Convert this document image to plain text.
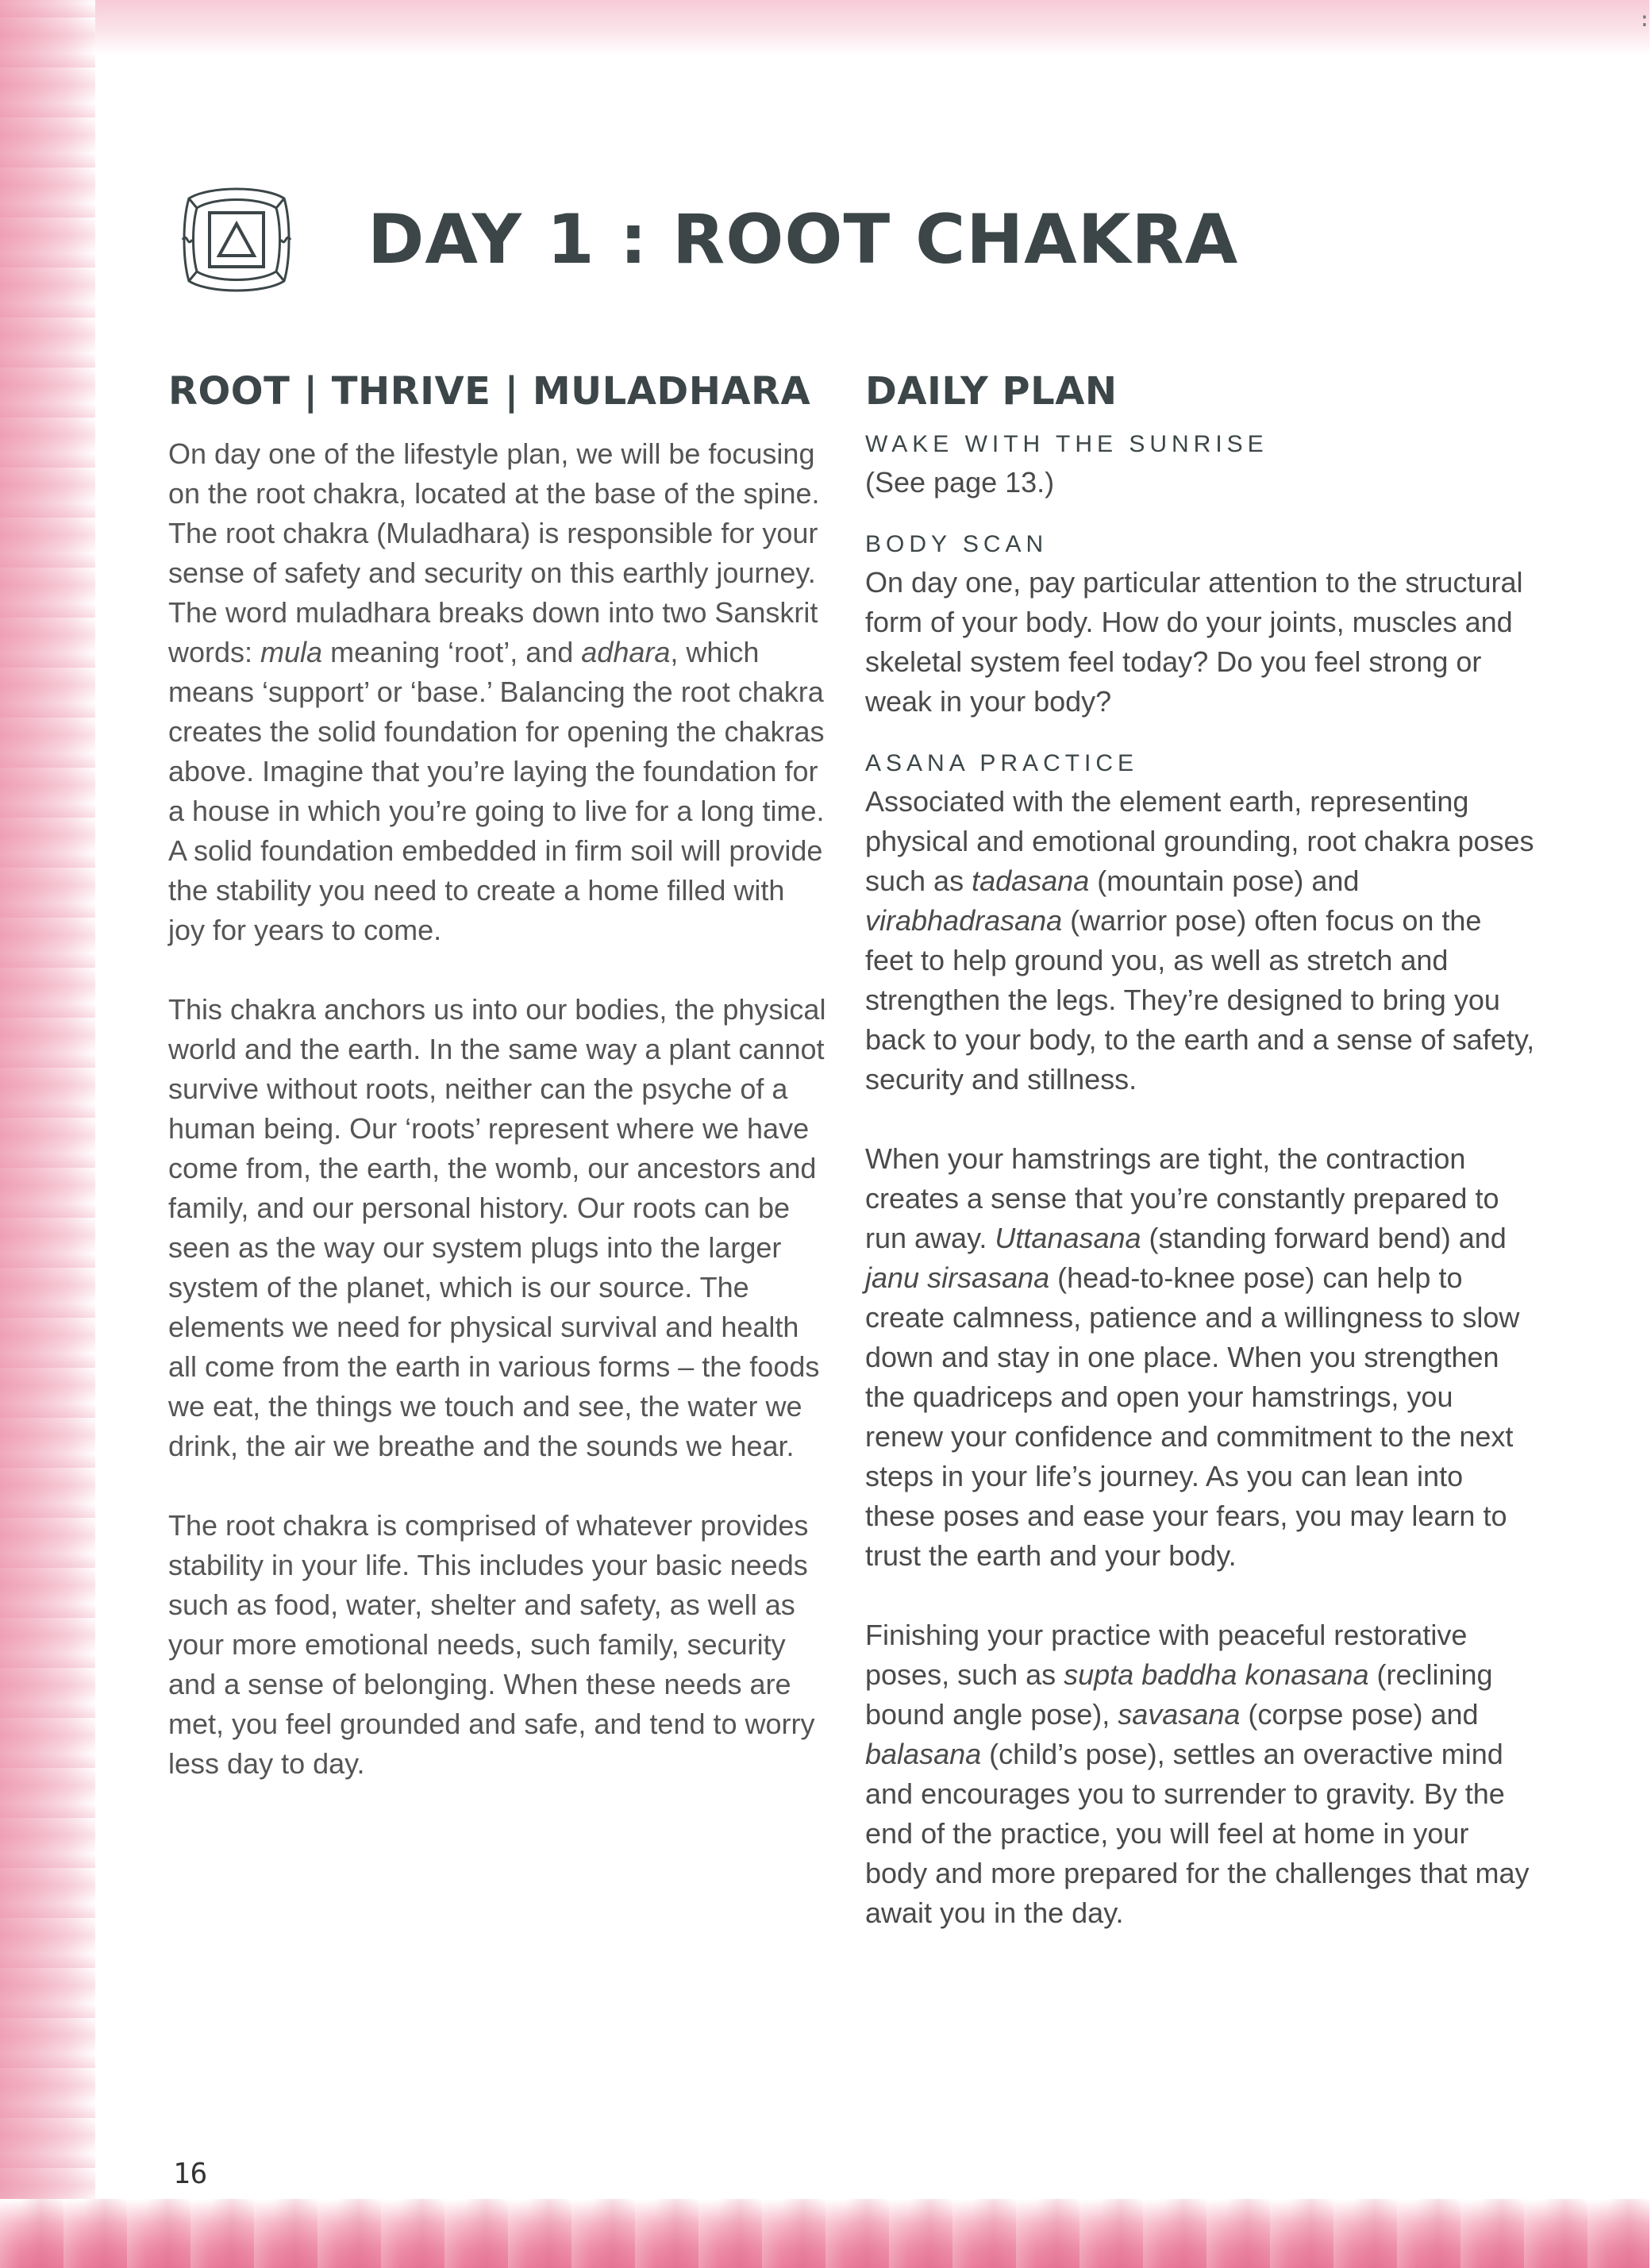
:
DAY 1 : ROOT CHAKRA
ROOT | THRIVE | MULADHARA

On day one of the lifestyle plan, we will be focusing on the root chakra, located at the base of the spine. The root chakra (Muladhara) is responsible for your sense of safety and security on this earthly journey. The word muladhara breaks down into two Sanskrit words: mula meaning ‘root’, and adhara, which means ‘support’ or ‘base.’ Balancing the root chakra creates the solid foundation for opening the chakras above. Imagine that you’re laying the foundation for a house in which you’re going to live for a long time. A solid foundation embedded in firm soil will provide the stability you need to create a home filled with joy for years to come.

This chakra anchors us into our bodies, the physical world and the earth. In the same way a plant cannot survive without roots, neither can the psyche of a human being. Our ‘roots’ represent where we have come from, the earth, the womb, our ancestors and family, and our personal history. Our roots can be seen as the way our system plugs into the larger system of the planet, which is our source. The elements we need for physical survival and health all come from the earth in various forms – the foods we eat, the things we touch and see, the water we drink, the air we breathe and the sounds we hear.

The root chakra is comprised of whatever provides stability in your life. This includes your basic needs such as food, water, shelter and safety, as well as your more emotional needs, such family, security and a sense of belonging. When these needs are met, you feel grounded and safe, and tend to worry less day to day.

DAILY PLAN
WAKE WITH THE SUNRISE

(See page 13.)

BODY SCAN

On day one, pay particular attention to the structural form of your body. How do your joints, muscles and skeletal system feel today? Do you feel strong or weak in your body?

ASANA PRACTICE

Associated with the element earth, representing physical and emotional grounding, root chakra poses such as tadasana (mountain pose) and virabhadrasana (warrior pose) often focus on the feet to help ground you, as well as stretch and strengthen the legs. They’re designed to bring you back to your body, to the earth and a sense of safety, security and stillness.

When your hamstrings are tight, the contraction creates a sense that you’re constantly prepared to run away. Uttanasana (standing forward bend) and janu sirsasana (head-to-knee pose) can help to create calmness, patience and a willingness to slow down and stay in one place. When you strengthen the quadriceps and open your hamstrings, you renew your confidence and commitment to the next steps in your life’s journey. As you can lean into these poses and ease your fears, you may learn to trust the earth and your body.

Finishing your practice with peaceful restorative poses, such as supta baddha konasana (reclining bound angle pose), savasana (corpse pose) and balasana (child’s pose), settles an overactive mind and encourages you to surrender to gravity. By the end of the practice, you will feel at home in your body and more prepared for the challenges that may await you in the day.

16
